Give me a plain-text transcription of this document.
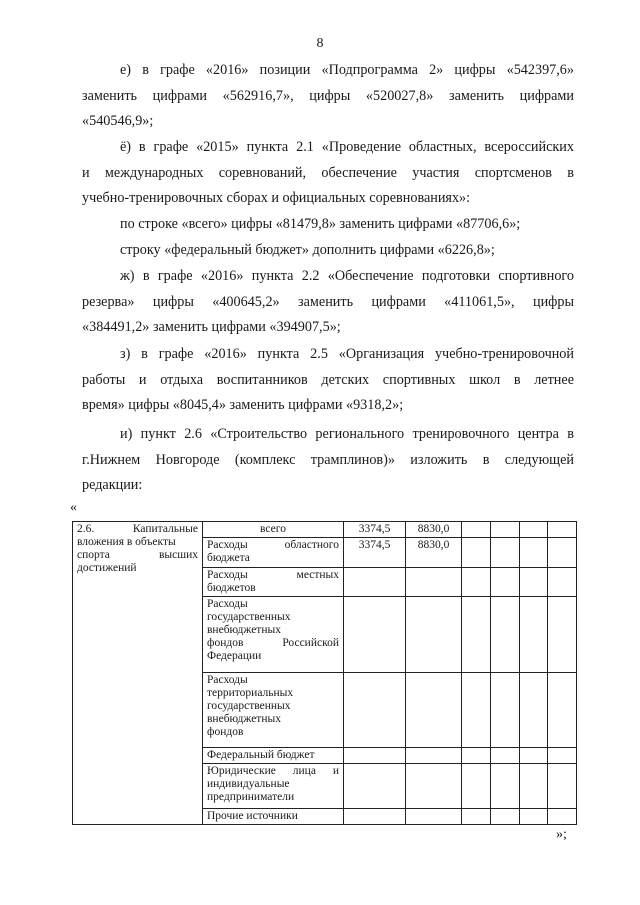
8

е) в графе «2016» позиции «Подпрограмма 2» цифры «542397,6»
заменить цифрами «562916,7», цифры «520027,8» заменить цифрами
«540546,9»;

ё) в графе «2015» пункта 2.1 «Проведение областных, всероссийских
и международных соревнований, обеспечение участия спортсменов в
учебно-тренировочных сборах и официальных соревнованиях»:

по строке «всего» цифры «81479,8» заменить цифрами «87706,6»;

строку «федеральный бюджет» дополнить цифрами «6226,8»;

ж) в графе «2016» пункта 2.2 «Обеспечение подготовки спортивного
резерва» цифры «400645,2» заменить цифрами «411061,5», цифры
«384491,2» заменить цифрами «394907,5»;

з) в графе «2016» пункта 2.5 «Организация учебно-тренировочной
работы и отдыха воспитанников детских спортивных школ в летнее
время» цифры «8045,4» заменить цифрами «9318,2»;

и) пункт 2.6 «Строительство регионального тренировочного центра в
г.Нижнем Новгороде (комплекс трамплинов)» изложить в следующей
редакции:

«
2.6. Капитальные
вложения в объекты
спорта высших
достижений	всего	3374,5	8830,0				

	Расходы областного
бюджета	3374,5	8830,0				

	Расходы местных
бюджетов						

	Расходы
государственных
внебюджетных
фондов Российской
Федерации						

	Расходы
территориальных
государственных
внебюджетных
фондов						

	Федеральный бюджет						

	Юридические лица и
индивидуальные
предприниматели						

	Прочие источники						

»;
